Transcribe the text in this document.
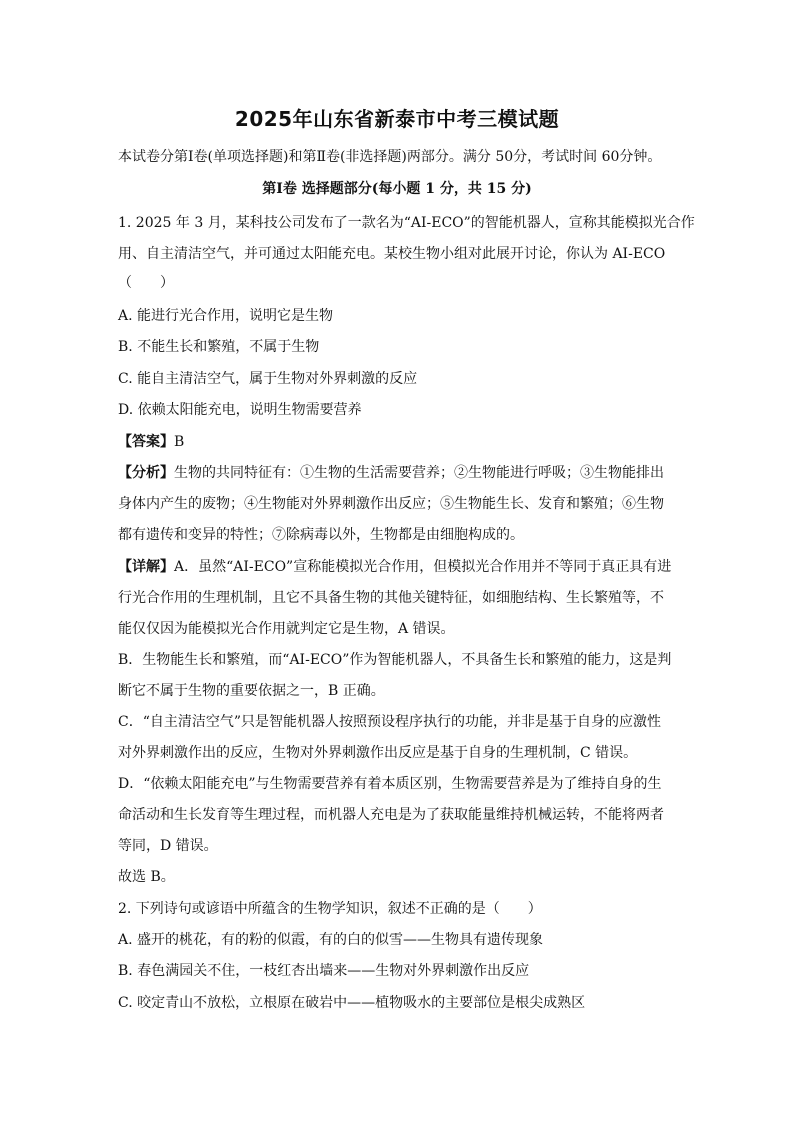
2025年山东省新泰市中考三模试题
本试卷分第Ⅰ卷(单项选择题)和第Ⅱ卷(非选择题)两部分。满分 50分，考试时间 60分钟。
第Ⅰ卷 选择题部分(每小题 1 分，共 15 分)
1. 2025 年 3 月，某科技公司发布了一款名为“AI-ECO”的智能机器人，宣称其能模拟光合作
用、自主清洁空气，并可通过太阳能充电。某校生物小组对此展开讨论，你认为 AI-ECO
（　　）
A. 能进行光合作用，说明它是生物
B. 不能生长和繁殖，不属于生物
C. 能自主清洁空气，属于生物对外界刺激的反应
D. 依赖太阳能充电，说明生物需要营养
【答案】B
【分析】生物的共同特征有：①生物的生活需要营养；②生物能进行呼吸；③生物能排出
身体内产生的废物；④生物能对外界刺激作出反应；⑤生物能生长、发育和繁殖；⑥生物
都有遗传和变异的特性；⑦除病毒以外，生物都是由细胞构成的。
【详解】A．虽然“AI-ECO”宣称能模拟光合作用，但模拟光合作用并不等同于真正具有进
行光合作用的生理机制，且它不具备生物的其他关键特征，如细胞结构、生长繁殖等，不
能仅仅因为能模拟光合作用就判定它是生物，A 错误。
B．生物能生长和繁殖，而“AI-ECO”作为智能机器人，不具备生长和繁殖的能力，这是判
断它不属于生物的重要依据之一，B 正确。
C．“自主清洁空气”只是智能机器人按照预设程序执行的功能，并非是基于自身的应激性
对外界刺激作出的反应，生物对外界刺激作出反应是基于自身的生理机制，C 错误。
D．“依赖太阳能充电”与生物需要营养有着本质区别，生物需要营养是为了维持自身的生
命活动和生长发育等生理过程，而机器人充电是为了获取能量维持机械运转，不能将两者
等同，D 错误。
故选 B。
2. 下列诗句或谚语中所蕴含的生物学知识，叙述不正确的是（　　）
A. 盛开的桃花，有的粉的似霞，有的白的似雪——生物具有遗传现象
B. 春色满园关不住，一枝红杏出墙来——生物对外界刺激作出反应
C. 咬定青山不放松，立根原在破岩中——植物吸水的主要部位是根尖成熟区
